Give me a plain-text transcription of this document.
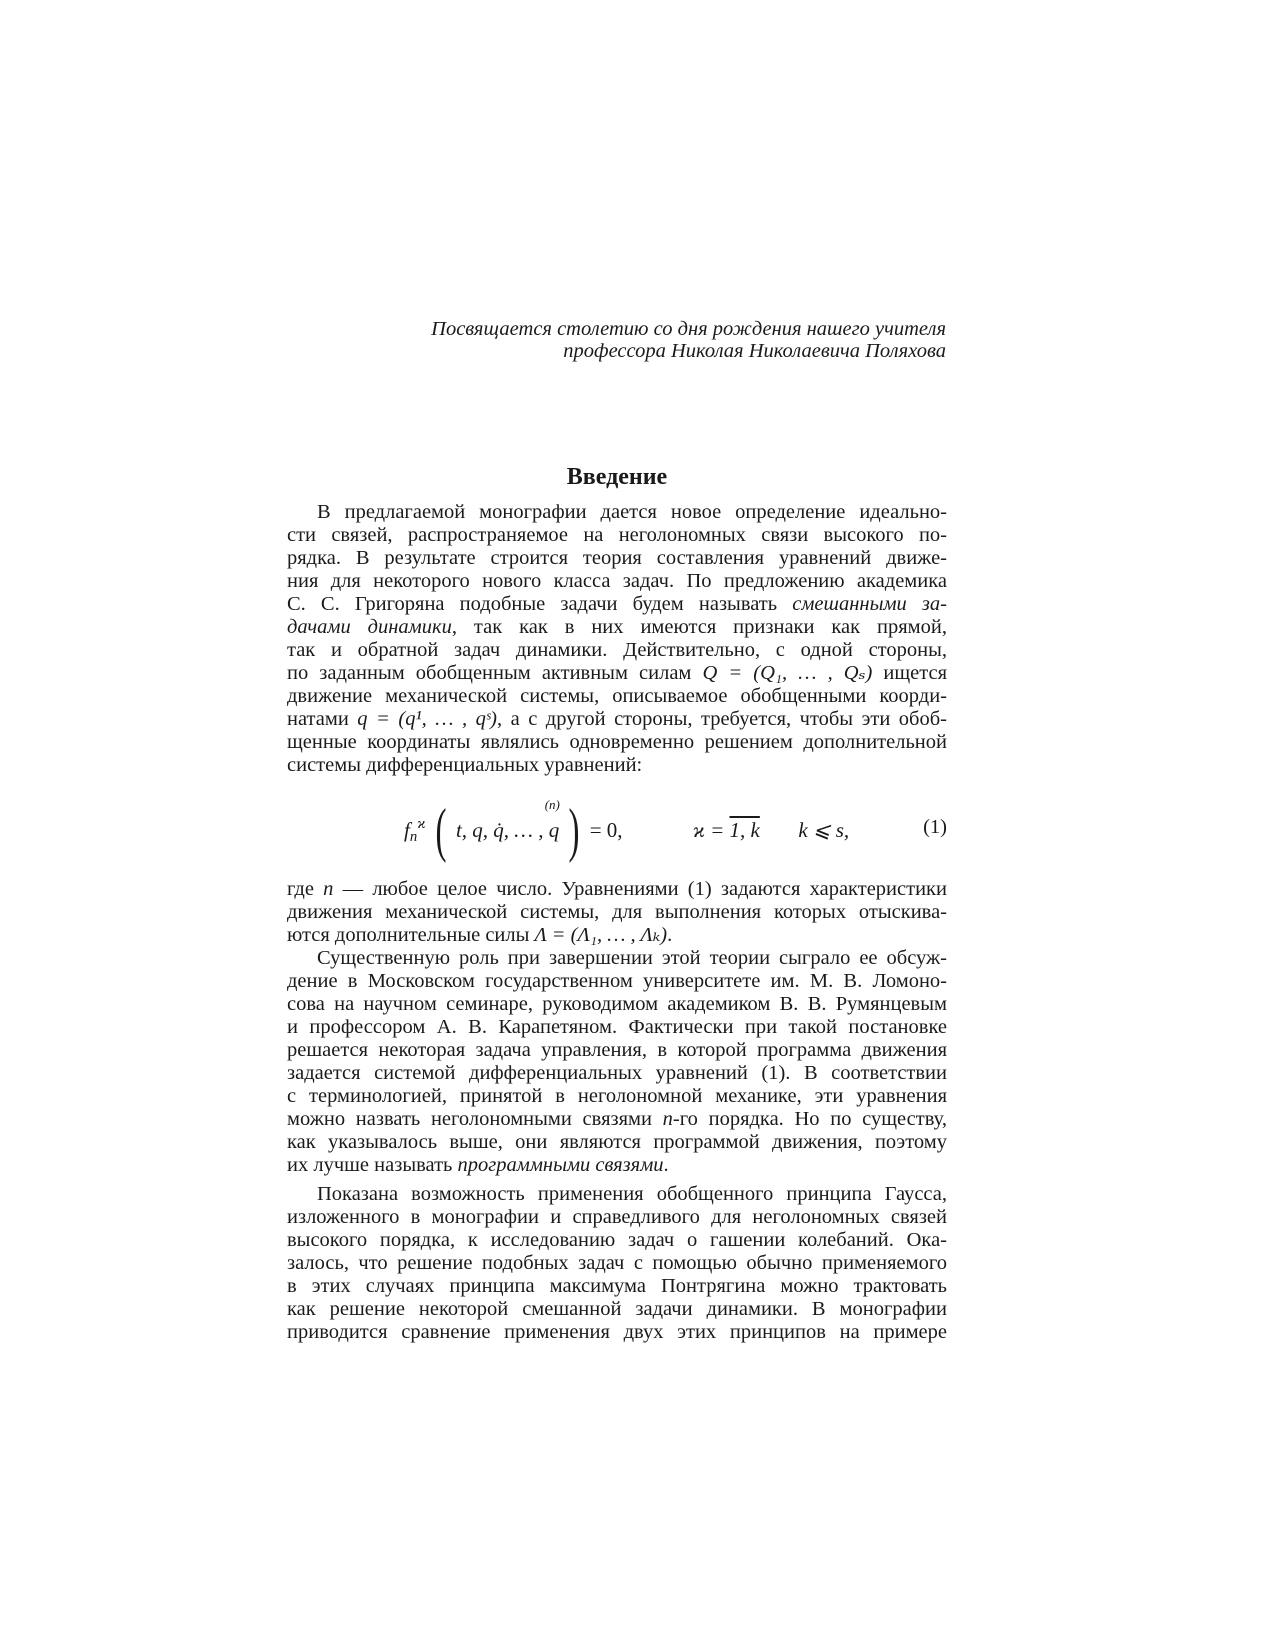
Посвящается столетию со дня рождения нашего учителя
профессора Николая Николаевича Поляхова
Введение
В предлагаемой монографии дается новое определение идеально-
сти связей, распространяемое на неголономных связи высокого по-
рядка. В результате строится теория составления уравнений движе-
ния для некоторого нового класса задач. По предложению академика
С. С. Григоряна подобные задачи будем называть смешанными за-
дачами динамики, так как в них имеются признаки как прямой,
так и обратной задач динамики. Действительно, с одной стороны,
по заданным обобщенным активным силам Q = (Q₁, … , Qₛ) ищется
движение механической системы, описываемое обобщенными коорди-
натами q = (q¹, … , qˢ), а с другой стороны, требуется, чтобы эти обоб-
щенные координаты являлись одновременно решением дополнительной
системы дифференциальных уравнений:
$f_n^ϰ$ ( t, q, q̇, … ,
(n)
q ) = 0,	ϰ = 1, k k ⩽ s,	(1)
где n — любое целое число. Уравнениями (1) задаются характеристики
движения механической системы, для выполнения которых отыскива-
ются дополнительные силы Λ = (Λ₁, … , Λₖ).
Существенную роль при завершении этой теории сыграло ее обсуж-
дение в Московском государственном университете им. М. В. Ломоно-
сова на научном семинаре, руководимом академиком В. В. Румянцевым
и профессором А. В. Карапетяном. Фактически при такой постановке
решается некоторая задача управления, в которой программа движения
задается системой дифференциальных уравнений (1). В соответствии
с терминологией, принятой в неголономной механике, эти уравнения
можно назвать неголономными связями n-го порядка. Но по существу,
как указывалось выше, они являются программой движения, поэтому
их лучше называть программными связями.
Показана возможность применения обобщенного принципа Гаусса,
изложенного в монографии и справедливого для неголономных связей
высокого порядка, к исследованию задач о гашении колебаний. Ока-
залось, что решение подобных задач с помощью обычно применяемого
в этих случаях принципа максимума Понтрягина можно трактовать
как решение некоторой смешанной задачи динамики. В монографии
приводится сравнение применения двух этих принципов на примере
